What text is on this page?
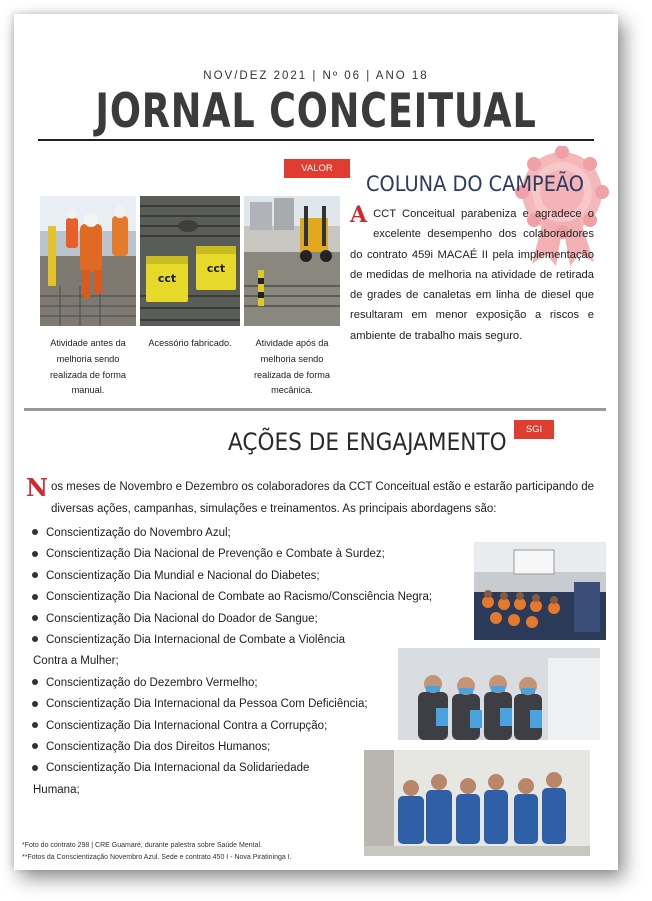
NOV/DEZ 2021 | Nº 06 | ANO 18
JORNAL CONCEITUAL
VALOR
COLUNA DO CAMPEÃO
ACCT Conceitual parabeniza e agradece o excelente desempenho dos colaboradores do contrato 459i MACAÉ II pela implementação de medidas de melhoria na atividade de retirada de grades de canaletas em linha de diesel que resultaram em menor exposição a riscos e ambiente de trabalho mais seguro.
Atividade antes da melhoria sendo realizada de forma manual.
cct
cct
Acessório fabricado.	Atividade após da melhoria sendo realizada de forma mecânica.
AÇÕES DE ENGAJAMENTO	SGI
Nos meses de Novembro e Dezembro os colaboradores da CCT Conceitual estão e estarão participando de diversas ações, campanhas, simulações e treinamentos. As principais abordagens são:
Conscientização do Novembro Azul;
Conscientização Dia Nacional de Prevenção e Combate à Surdez;
Conscientização Dia Mundial e Nacional do Diabetes;
Conscientização Dia Nacional de Combate ao Racismo/Consciência Negra;
Conscientização Dia Nacional do Doador de Sangue;
Conscientização Dia Internacional de Combate a Violência
Contra a Mulher;
Conscientização do Dezembro Vermelho;
Conscientização Dia Internacional da Pessoa Com Deficiência;
Conscientização Dia Internacional Contra a Corrupção;
Conscientização Dia dos Direitos Humanos;
Conscientização Dia Internacional da Solidariedade
Humana;
*Foto do contrato 298 | CRE Guamaré, durante palestra sobre Saúde Mental.
**Fotos da Conscientização Novembro Azul. Sede e contrato 450 I - Nova Piratininga I.
